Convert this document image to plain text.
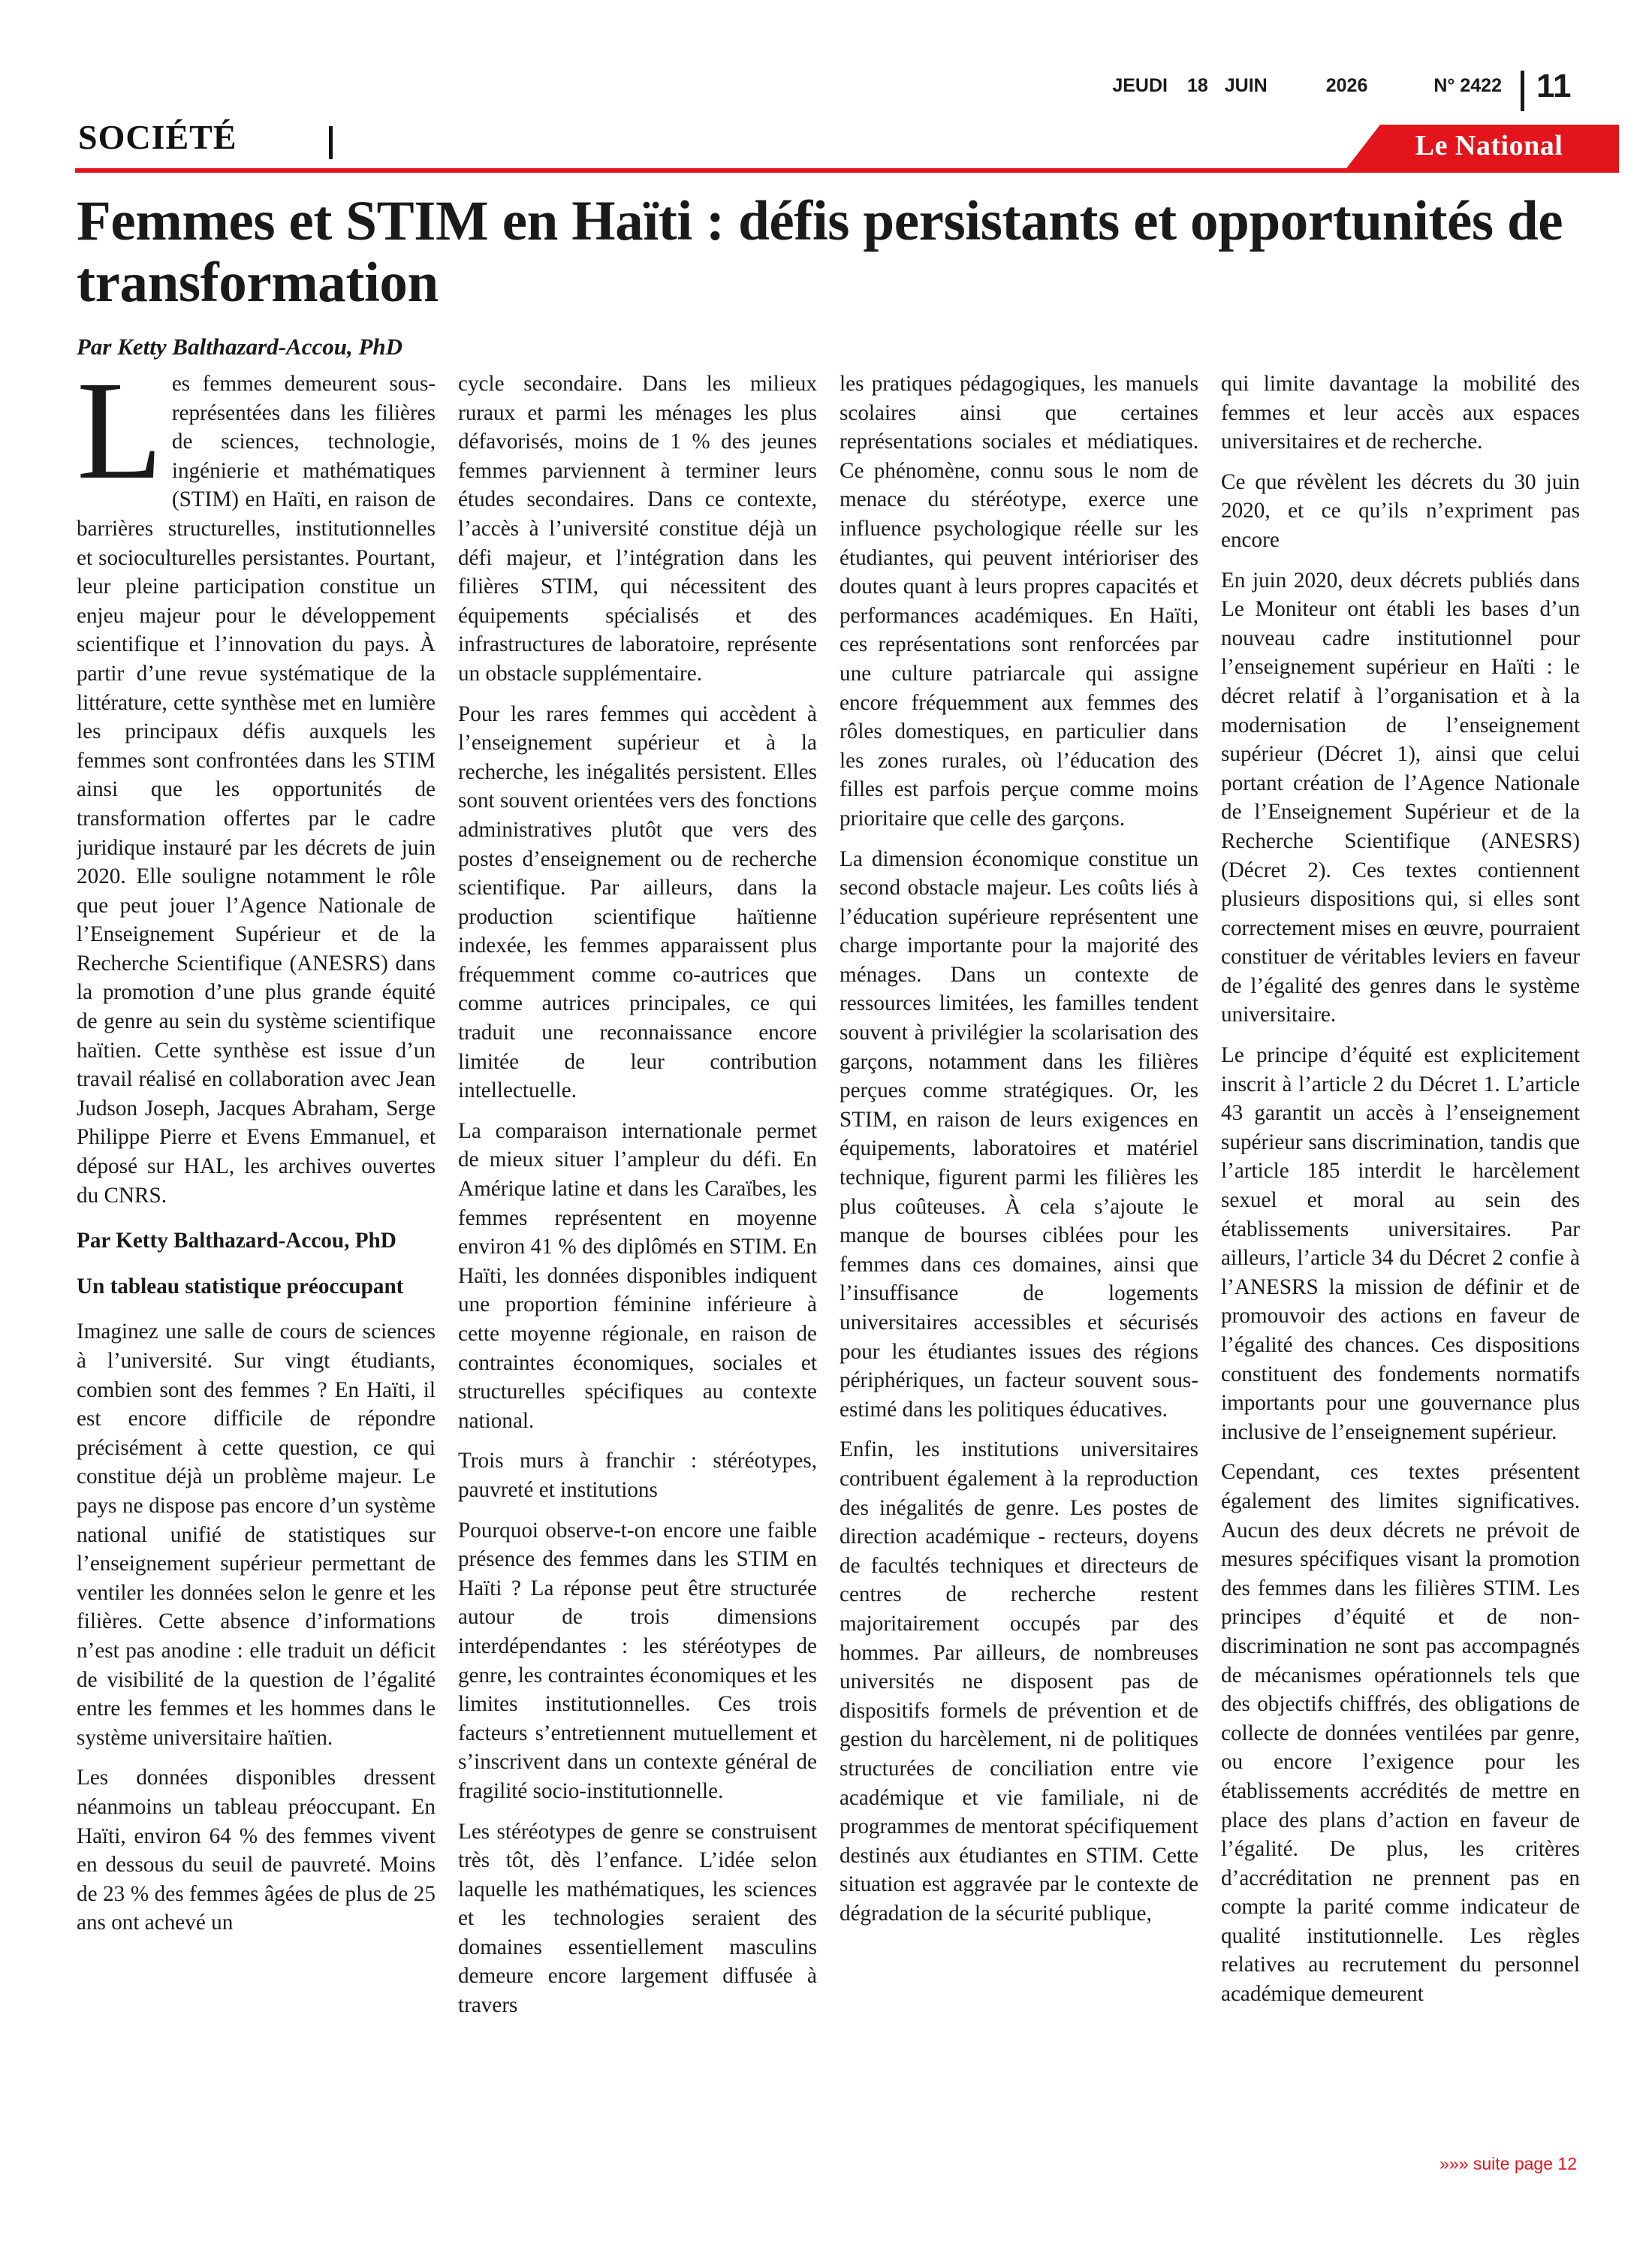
JEUDI 18 JUIN	2026	N° 2422 11
SOCIÉTÉ	Le National
Femmes et STIM en Haïti : défis persistants et opportunités de transformation
Par Ketty Balthazard-Accou, PhD

Les femmes demeurent sous-représentées dans les filières de sciences, technologie, ingénierie et mathématiques (STIM) en Haïti, en raison de barrières structurelles, institutionnelles et socioculturelles persistantes. Pourtant, leur pleine participation constitue un enjeu majeur pour le développement scientifique et l’innovation du pays. À partir d’une revue systématique de la littérature, cette synthèse met en lumière les principaux défis auxquels les femmes sont confrontées dans les STIM ainsi que les opportunités de transformation offertes par le cadre juridique instauré par les décrets de juin 2020. Elle souligne notamment le rôle que peut jouer l’Agence Nationale de l’Enseignement Supérieur et de la Recherche Scientifique (ANESRS) dans la promotion d’une plus grande équité de genre au sein du système scientifique haïtien. Cette synthèse est issue d’un travail réalisé en collaboration avec Jean Judson Joseph, Jacques Abraham, Serge Philippe Pierre et Evens Emmanuel, et déposé sur HAL, les archives ouvertes du CNRS.

Par Ketty Balthazard-Accou, PhD

Un tableau statistique préoccupant

Imaginez une salle de cours de sciences à l’université. Sur vingt étudiants, combien sont des femmes ? En Haïti, il est encore difficile de répondre précisément à cette question, ce qui constitue déjà un problème majeur. Le pays ne dispose pas encore d’un système national unifié de statistiques sur l’enseignement supérieur permettant de ventiler les données selon le genre et les filières. Cette absence d’informations n’est pas anodine : elle traduit un déficit de visibilité de la question de l’égalité entre les femmes et les hommes dans le système universitaire haïtien.

Les données disponibles dressent néanmoins un tableau préoccupant. En Haïti, environ 64 % des femmes vivent en dessous du seuil de pauvreté. Moins de 23 % des femmes âgées de plus de 25 ans ont achevé un

cycle secondaire. Dans les milieux ruraux et parmi les ménages les plus défavorisés, moins de 1 % des jeunes femmes parviennent à terminer leurs études secondaires. Dans ce contexte, l’accès à l’université constitue déjà un défi majeur, et l’intégration dans les filières STIM, qui nécessitent des équipements spécialisés et des infrastructures de laboratoire, représente un obstacle supplémentaire.

Pour les rares femmes qui accèdent à l’enseignement supérieur et à la recherche, les inégalités persistent. Elles sont souvent orientées vers des fonctions administratives plutôt que vers des postes d’enseignement ou de recherche scientifique. Par ailleurs, dans la production scientifique haïtienne indexée, les femmes apparaissent plus fréquemment comme co-autrices que comme autrices principales, ce qui traduit une reconnaissance encore limitée de leur contribution intellectuelle.

La comparaison internationale permet de mieux situer l’ampleur du défi. En Amérique latine et dans les Caraïbes, les femmes représentent en moyenne environ 41 % des diplômés en STIM. En Haïti, les données disponibles indiquent une proportion féminine inférieure à cette moyenne régionale, en raison de contraintes économiques, sociales et structurelles spécifiques au contexte national.

Trois murs à franchir : stéréotypes, pauvreté et institutions

Pourquoi observe-t-on encore une faible présence des femmes dans les STIM en Haïti ? La réponse peut être structurée autour de trois dimensions interdépendantes : les stéréotypes de genre, les contraintes économiques et les limites institutionnelles. Ces trois facteurs s’entretiennent mutuellement et s’inscrivent dans un contexte général de fragilité socio-institutionnelle.

Les stéréotypes de genre se construisent très tôt, dès l’enfance. L’idée selon laquelle les mathématiques, les sciences et les technologies seraient des domaines essentiellement masculins demeure encore largement diffusée à travers

les pratiques pédagogiques, les manuels scolaires ainsi que certaines représentations sociales et médiatiques. Ce phénomène, connu sous le nom de menace du stéréotype, exerce une influence psychologique réelle sur les étudiantes, qui peuvent intérioriser des doutes quant à leurs propres capacités et performances académiques. En Haïti, ces représentations sont renforcées par une culture patriarcale qui assigne encore fréquemment aux femmes des rôles domestiques, en particulier dans les zones rurales, où l’éducation des filles est parfois perçue comme moins prioritaire que celle des garçons.

La dimension économique constitue un second obstacle majeur. Les coûts liés à l’éducation supérieure représentent une charge importante pour la majorité des ménages. Dans un contexte de ressources limitées, les familles tendent souvent à privilégier la scolarisation des garçons, notamment dans les filières perçues comme stratégiques. Or, les STIM, en raison de leurs exigences en équipements, laboratoires et matériel technique, figurent parmi les filières les plus coûteuses. À cela s’ajoute le manque de bourses ciblées pour les femmes dans ces domaines, ainsi que l’insuffisance de logements universitaires accessibles et sécurisés pour les étudiantes issues des régions périphériques, un facteur souvent sous-estimé dans les politiques éducatives.

Enfin, les institutions universitaires contribuent également à la reproduction des inégalités de genre. Les postes de direction académique - recteurs, doyens de facultés techniques et directeurs de centres de recherche restent majoritairement occupés par des hommes. Par ailleurs, de nombreuses universités ne disposent pas de dispositifs formels de prévention et de gestion du harcèlement, ni de politiques structurées de conciliation entre vie académique et vie familiale, ni de programmes de mentorat spécifiquement destinés aux étudiantes en STIM. Cette situation est aggravée par le contexte de dégradation de la sécurité publique,

qui limite davantage la mobilité des femmes et leur accès aux espaces universitaires et de recherche.

Ce que révèlent les décrets du 30 juin 2020, et ce qu’ils n’expriment pas encore

En juin 2020, deux décrets publiés dans Le Moniteur ont établi les bases d’un nouveau cadre institutionnel pour l’enseignement supérieur en Haïti : le décret relatif à l’organisation et à la modernisation de l’enseignement supérieur (Décret 1), ainsi que celui portant création de l’Agence Nationale de l’Enseignement Supérieur et de la Recherche Scientifique (ANESRS) (Décret 2). Ces textes contiennent plusieurs dispositions qui, si elles sont correctement mises en œuvre, pourraient constituer de véritables leviers en faveur de l’égalité des genres dans le système universitaire.

Le principe d’équité est explicitement inscrit à l’article 2 du Décret 1. L’article 43 garantit un accès à l’enseignement supérieur sans discrimination, tandis que l’article 185 interdit le harcèlement sexuel et moral au sein des établissements universitaires. Par ailleurs, l’article 34 du Décret 2 confie à l’ANESRS la mission de définir et de promouvoir des actions en faveur de l’égalité des chances. Ces dispositions constituent des fondements normatifs importants pour une gouvernance plus inclusive de l’enseignement supérieur.

Cependant, ces textes présentent également des limites significatives. Aucun des deux décrets ne prévoit de mesures spécifiques visant la promotion des femmes dans les filières STIM. Les principes d’équité et de non-discrimination ne sont pas accompagnés de mécanismes opérationnels tels que des objectifs chiffrés, des obligations de collecte de données ventilées par genre, ou encore l’exigence pour les établissements accrédités de mettre en place des plans d’action en faveur de l’égalité. De plus, les critères d’accréditation ne prennent pas en compte la parité comme indicateur de qualité institutionnelle. Les règles relatives au recrutement du personnel académique demeurent

»»» suite page 12
